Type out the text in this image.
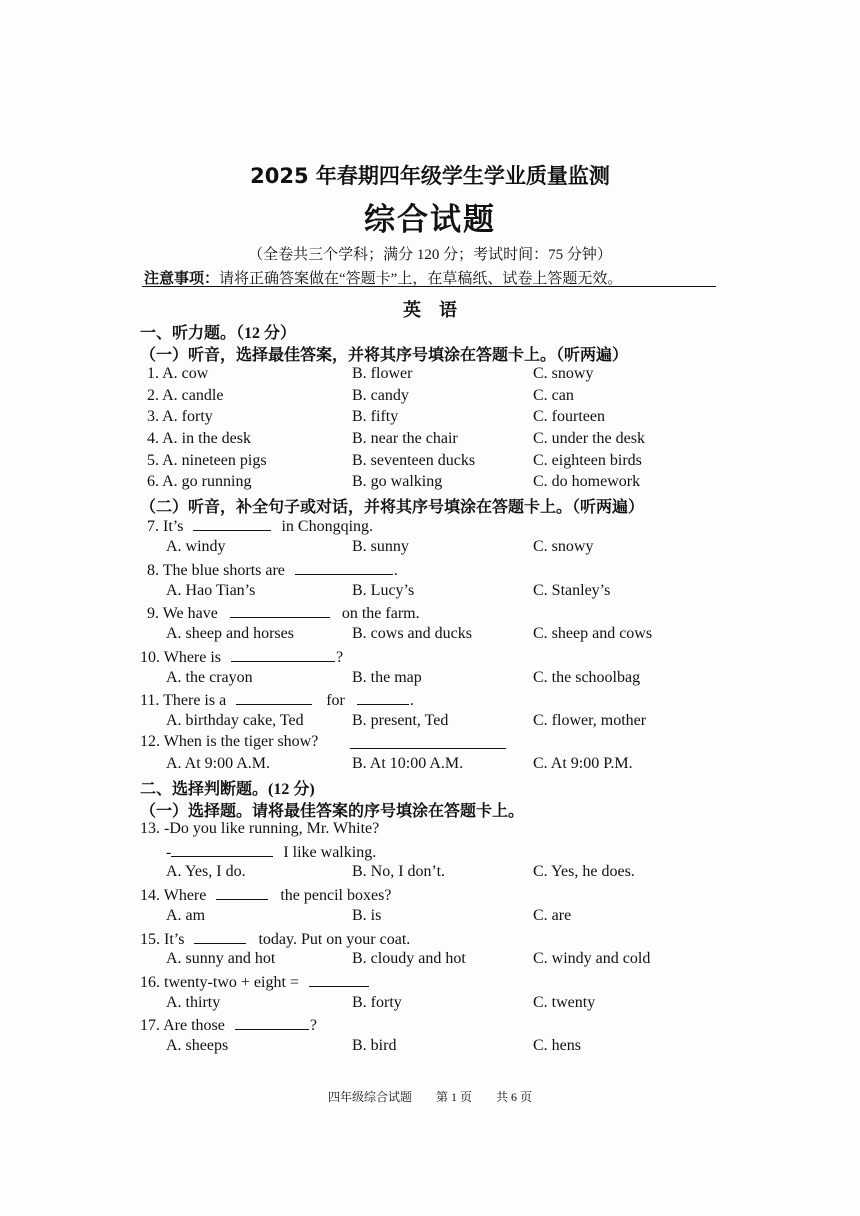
2025 年春期四年级学生学业质量监测
综合试题
（全卷共三个学科；满分 120 分；考试时间：75 分钟）
注意事项：请将正确答案做在“答题卡”上，在草稿纸、试卷上答题无效。
英　语
一、听力题。（12 分）
（一）听音，选择最佳答案，并将其序号填涂在答题卡上。（听两遍）
1. A. cow	B. flower	C. snowy
2. A. candle	B. candy	C. can
3. A. forty	B. fifty	C. fourteen
4. A. in the desk	B. near the chair	C. under the desk
5. A. nineteen pigs	B. seventeen ducks	C. eighteen birds
6. A. go running	B. go walking	C. do homework
（二）听音，补全句子或对话，并将其序号填涂在答题卡上。（听两遍）
7. It’s	in Chongqing.
A. windy	B. sunny	C. snowy
8. The blue shorts are	.
A. Hao Tian’s	B. Lucy’s	C. Stanley’s
9. We have	on the farm.
A. sheep and horses	B. cows and ducks	C. sheep and cows
10. Where is	?
A. the crayon	B. the map	C. the schoolbag
11. There is a	for	.
A. birthday cake, Ted	B. present, Ted	C. flower, mother
12. When is the tiger show?
A. At 9:00 A.M.	B. At 10:00 A.M.	C. At 9:00 P.M.
二、选择判断题。(12 分)
（一）选择题。请将最佳答案的序号填涂在答题卡上。
13. -Do you like running, Mr. White?
-	I like walking.
A. Yes, I do.	B. No, I don’t.	C. Yes, he does.
14. Where	the pencil boxes?
A. am	B. is	C. are
15. It’s	today. Put on your coat.
A. sunny and hot	B. cloudy and hot	C. windy and cold
16. twenty-two + eight =
A. thirty	B. forty	C. twenty
17. Are those	?
A. sheeps	B. bird	C. hens
四年级综合试题　　第 1 页　　共 6 页
